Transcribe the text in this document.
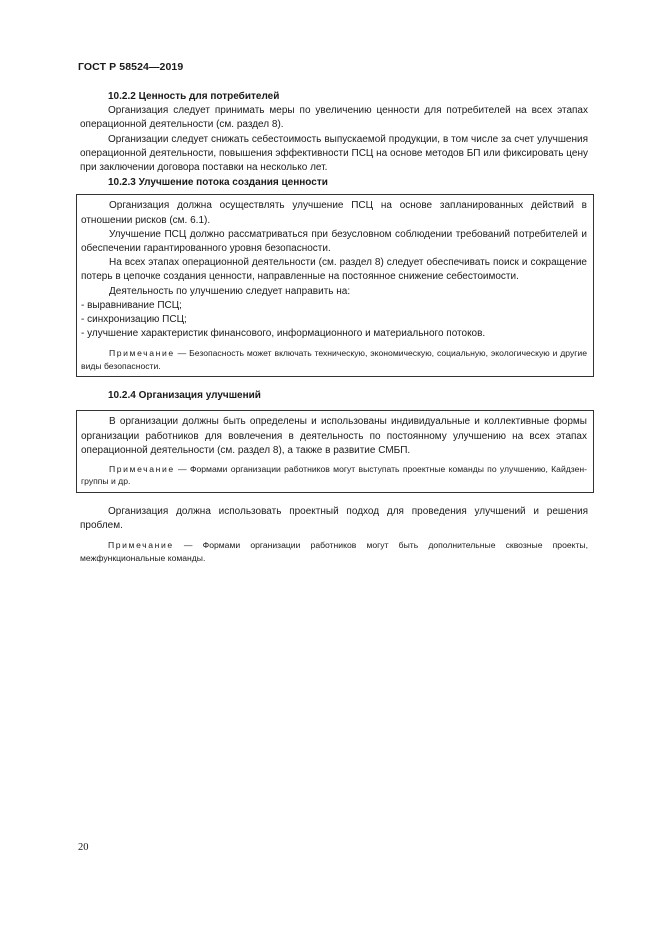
ГОСТ Р 58524—2019

10.2.2 Ценность для потребителей

Организация следует принимать меры по увеличению ценности для потребителей на всех этапах операционной деятельности (см. раздел 8).

Организации следует снижать себестоимость выпускаемой продукции, в том числе за счет улучшения операционной деятельности, повышения эффективности ПСЦ на основе методов БП или фиксировать цену при заключении договора поставки на несколько лет.

10.2.3 Улучшение потока создания ценности

Организация должна осуществлять улучшение ПСЦ на основе запланированных действий в отношении рисков (см. 6.1).

Улучшение ПСЦ должно рассматриваться при безусловном соблюдении требований потребителей и обеспечении гарантированного уровня безопасности.

На всех этапах операционной деятельности (см. раздел 8) следует обеспечивать поиск и сокращение потерь в цепочке создания ценности, направленные на постоянное снижение себестоимости.

Деятельность по улучшению следует направить на:

- выравнивание ПСЦ;

- синхронизацию ПСЦ;

- улучшение характеристик финансового, информационного и материального потоков.

Примечание — Безопасность может включать техническую, экономическую, социальную, экологическую и другие виды безопасности.

10.2.4 Организация улучшений

В организации должны быть определены и использованы индивидуальные и коллективные формы организации работников для вовлечения в деятельность по постоянному улучшению на всех этапах операционной деятельности (см. раздел 8), а также в развитие СМБП.

Примечание — Формами организации работников могут выступать проектные команды по улучшению, Кайдзен-группы и др.

Организация должна использовать проектный подход для проведения улучшений и решения проблем.

Примечание — Формами организации работников могут быть дополнительные сквозные проекты, межфункциональные команды.

20
